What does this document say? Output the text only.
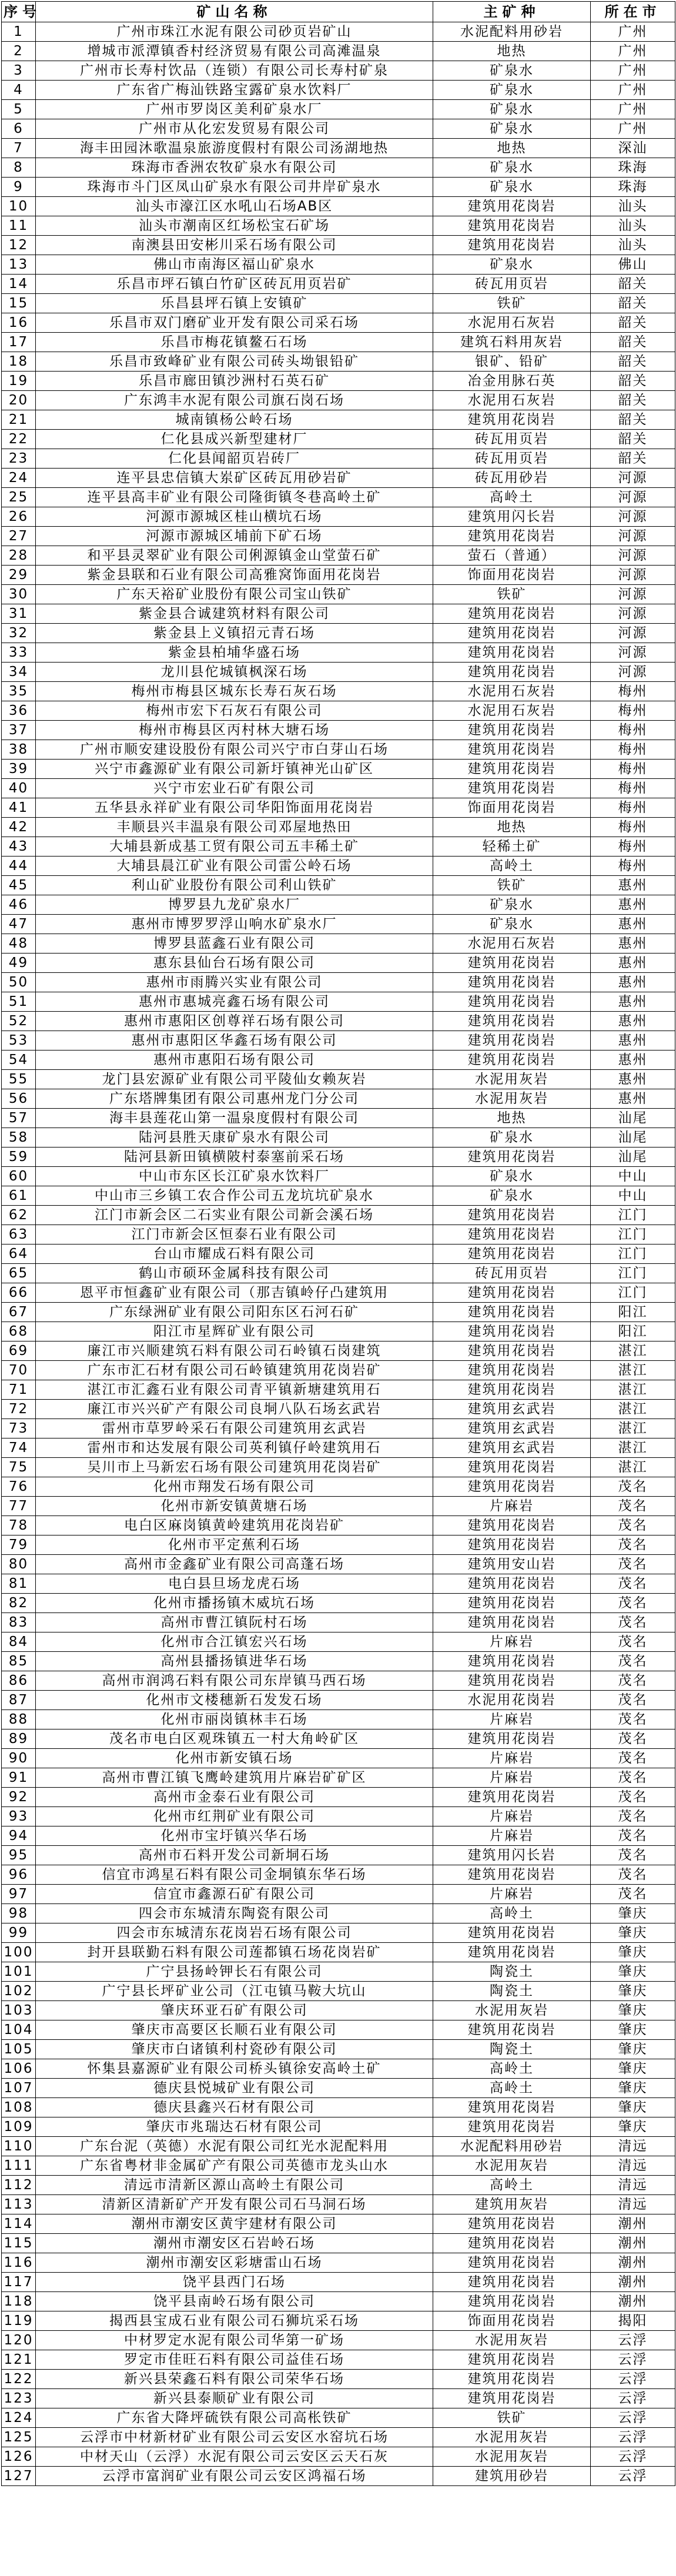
序号	矿山名称	主矿种	所在市
1	广州市珠江水泥有限公司砂页岩矿山	水泥配料用砂岩	广州
2	增城市派潭镇香村经济贸易有限公司高滩温泉	地热	广州
3	广州市长寿村饮品（连锁）有限公司长寿村矿泉	矿泉水	广州
4	广东省广梅汕铁路宝露矿泉水饮料厂	矿泉水	广州
5	广州市罗岗区美利矿泉水厂	矿泉水	广州
6	广州市从化宏发贸易有限公司	矿泉水	广州
7	海丰田园沐歌温泉旅游度假村有限公司汤湖地热	地热	深汕
8	珠海市香洲农牧矿泉水有限公司	矿泉水	珠海
9	珠海市斗门区凤山矿泉水有限公司井岸矿泉水	矿泉水	珠海
10	汕头市濠江区水吼山石场AB区	建筑用花岗岩	汕头
11	汕头市潮南区红场松宝石矿场	建筑用花岗岩	汕头
12	南澳县田安彬川采石场有限公司	建筑用花岗岩	汕头
13	佛山市南海区福山矿泉水	矿泉水	佛山
14	乐昌市坪石镇白竹矿区砖瓦用页岩矿	砖瓦用页岩	韶关
15	乐昌县坪石镇上安镇矿	铁矿	韶关
16	乐昌市双门磨矿业开发有限公司采石场	水泥用石灰岩	韶关
17	乐昌市梅花镇鳌石石场	建筑石料用灰岩	韶关
18	乐昌市致峰矿业有限公司砖头坳银铅矿	银矿、铅矿	韶关
19	乐昌市廊田镇沙洲村石英石矿	冶金用脉石英	韶关
20	广东鸿丰水泥有限公司旗石岗石场	水泥用石灰岩	韶关
21	城南镇杨公岭石场	建筑用花岗岩	韶关
22	仁化县成兴新型建材厂	砖瓦用页岩	韶关
23	仁化县闻韶页岩砖厂	砖瓦用页岩	韶关
24	连平县忠信镇大岽矿区砖瓦用砂岩矿	砖瓦用砂岩	河源
25	连平县高丰矿业有限公司隆街镇冬巷高岭土矿	高岭土	河源
26	河源市源城区桂山横坑石场	建筑用闪长岩	河源
27	河源市源城区埔前下矿石场	建筑用花岗岩	河源
28	和平县灵翠矿业有限公司俐源镇金山堂萤石矿	萤石（普通）	河源
29	紫金县联和石业有限公司高雅窝饰面用花岗岩	饰面用花岗岩	河源
30	广东天裕矿业股份有限公司宝山铁矿	铁矿	河源
31	紫金县合诚建筑材料有限公司	建筑用花岗岩	河源
32	紫金县上义镇招元青石场	建筑用花岗岩	河源
33	紫金县柏埔华盛石场	建筑用花岗岩	河源
34	龙川县佗城镇枫深石场	建筑用花岗岩	河源
35	梅州市梅县区城东长寿石灰石场	水泥用石灰岩	梅州
36	梅州市宏下石灰石有限公司	水泥用石灰岩	梅州
37	梅州市梅县区丙村林大塘石场	建筑用花岗岩	梅州
38	广州市顺安建设股份有限公司兴宁市白芽山石场	建筑用花岗岩	梅州
39	兴宁市鑫源矿业有限公司新圩镇神光山矿区	建筑用花岗岩	梅州
40	兴宁市宏业石矿有限公司	建筑用花岗岩	梅州
41	五华县永祥矿业有限公司华阳饰面用花岗岩	饰面用花岗岩	梅州
42	丰顺县兴丰温泉有限公司邓屋地热田	地热	梅州
43	大埔县新成基工贸有限公司五丰稀土矿	轻稀土矿	梅州
44	大埔县晨江矿业有限公司雷公岭石场	高岭土	梅州
45	利山矿业股份有限公司利山铁矿	铁矿	惠州
46	博罗县九龙矿泉水厂	矿泉水	惠州
47	惠州市博罗罗浮山响水矿泉水厂	矿泉水	惠州
48	博罗县蓝鑫石业有限公司	水泥用石灰岩	惠州
49	惠东县仙台石场有限公司	建筑用花岗岩	惠州
50	惠州市雨腾兴实业有限公司	建筑用花岗岩	惠州
51	惠州市惠城亮鑫石场有限公司	建筑用花岗岩	惠州
52	惠州市惠阳区创尊祥石场有限公司	建筑用花岗岩	惠州
53	惠州市惠阳区华鑫石场有限公司	建筑用花岗岩	惠州
54	惠州市惠阳石场有限公司	建筑用花岗岩	惠州
55	龙门县宏源矿业有限公司平陵仙女赖灰岩	水泥用灰岩	惠州
56	广东塔牌集团有限公司惠州龙门分公司	水泥用灰岩	惠州
57	海丰县莲花山第一温泉度假村有限公司	地热	汕尾
58	陆河县胜天康矿泉水有限公司	矿泉水	汕尾
59	陆河县新田镇横陂村泰塞前采石场	建筑用花岗岩	汕尾
60	中山市东区长江矿泉水饮料厂	矿泉水	中山
61	中山市三乡镇工农合作公司五龙坑坑矿泉水	矿泉水	中山
62	江门市新会区二石实业有限公司新会溪石场	建筑用花岗岩	江门
63	江门市新会区恒泰石业有限公司	建筑用花岗岩	江门
64	台山市耀成石料有限公司	建筑用花岗岩	江门
65	鹤山市硕环金属科技有限公司	砖瓦用页岩	江门
66	恩平市恒鑫矿业有限公司（那吉镇岭仔凸建筑用	建筑用花岗岩	江门
67	广东绿洲矿业有限公司阳东区石河石矿	建筑用花岗岩	阳江
68	阳江市星辉矿业有限公司	建筑用花岗岩	阳江
69	廉江市兴顺建筑石料有限公司石岭镇石岗建筑	建筑用花岗岩	湛江
70	广东市汇石材有限公司石岭镇建筑用花岗岩矿	建筑用花岗岩	湛江
71	湛江市汇鑫石业有限公司青平镇新塘建筑用石	建筑用花岗岩	湛江
72	廉江市兴兴矿产有限公司良垌八队石场玄武岩	建筑用玄武岩	湛江
73	雷州市草罗岭采石有限公司建筑用玄武岩	建筑用玄武岩	湛江
74	雷州市和达发展有限公司英利镇仔岭建筑用石	建筑用玄武岩	湛江
75	吴川市上马新宏石场有限公司建筑用花岗岩矿	建筑用花岗岩	湛江
76	化州市翔发石场有限公司	建筑用花岗岩	茂名
77	化州市新安镇黄塘石场	片麻岩	茂名
78	电白区麻岗镇黄岭建筑用花岗岩矿	建筑用花岗岩	茂名
79	化州市平定蕉利石场	建筑用花岗岩	茂名
80	高州市金鑫矿业有限公司高蓬石场	建筑用安山岩	茂名
81	电白县旦场龙虎石场	建筑用花岗岩	茂名
82	化州市播扬镇木威坑石场	建筑用花岗岩	茂名
83	高州市曹江镇阮村石场	建筑用花岗岩	茂名
84	化州市合江镇宏兴石场	片麻岩	茂名
85	高州县播扬镇进华石场	建筑用花岗岩	茂名
86	高州市润鸿石料有限公司东岸镇马西石场	建筑用花岗岩	茂名
87	化州市文楼穗新石发发石场	水泥用花岗岩	茂名
88	化州市丽岗镇林丰石场	片麻岩	茂名
89	茂名市电白区观珠镇五一村大角岭矿区	建筑用花岗岩	茂名
90	化州市新安镇石场	片麻岩	茂名
91	高州市曹江镇飞鹰岭建筑用片麻岩矿矿区	片麻岩	茂名
92	高州市金泰石业有限公司	建筑用花岗岩	茂名
93	化州市红荆矿业有限公司	片麻岩	茂名
94	化州市宝圩镇兴华石场	片麻岩	茂名
95	高州市石料开发公司新垌石场	建筑用闪长岩	茂名
96	信宜市鸿星石料有限公司金垌镇东华石场	建筑用花岗岩	茂名
97	信宜市鑫源石矿有限公司	片麻岩	茂名
98	四会市东城清东陶瓷有限公司	高岭土	肇庆
99	四会市东城清东花岗岩石场有限公司	建筑用花岗岩	肇庆
100	封开县联勤石料有限公司莲都镇石场花岗岩矿	建筑用花岗岩	肇庆
101	广宁县扬岭钾长石有限公司	陶瓷土	肇庆
102	广宁县长坪矿业公司（江屯镇马鞍大坑山	陶瓷土	肇庆
103	肇庆环亚石矿有限公司	水泥用灰岩	肇庆
104	肇庆市高要区长顺石业有限公司	建筑用花岗岩	肇庆
105	肇庆市白诸镇利村瓷砂有限公司	陶瓷土	肇庆
106	怀集县嘉源矿业有限公司桥头镇徐安高岭土矿	高岭土	肇庆
107	德庆县悦城矿业有限公司	高岭土	肇庆
108	德庆县鑫兴石材有限公司	建筑用花岗岩	肇庆
109	肇庆市兆瑞达石材有限公司	建筑用花岗岩	肇庆
110	广东台泥（英德）水泥有限公司红光水泥配料用	水泥配料用砂岩	清远
111	广东省粤材非金属矿产有限公司英德市龙头山水	水泥用灰岩	清远
112	清远市清新区源山高岭土有限公司	高岭土	清远
113	清新区清新矿产开发有限公司石马洞石场	建筑用灰岩	清远
114	潮州市潮安区黄宇建材有限公司	建筑用花岗岩	潮州
115	潮州市潮安区石岩岭石场	建筑用花岗岩	潮州
116	潮州市潮安区彩塘雷山石场	建筑用花岗岩	潮州
117	饶平县西门石场	建筑用花岗岩	潮州
118	饶平县南岭石场有限公司	建筑用花岗岩	潮州
119	揭西县宝成石业有限公司石狮坑采石场	饰面用花岗岩	揭阳
120	中材罗定水泥有限公司华第一矿场	水泥用灰岩	云浮
121	罗定市佳旺石料有限公司益佳石场	建筑用花岗岩	云浮
122	新兴县荣鑫石料有限公司荣华石场	建筑用花岗岩	云浮
123	新兴县泰顺矿业有限公司	建筑用花岗岩	云浮
124	广东省大降坪硫铁有限公司高枨铁矿	铁矿	云浮
125	云浮市中材新材矿业有限公司云安区水窑坑石场	水泥用灰岩	云浮
126	中材天山（云浮）水泥有限公司云安区云天石灰	水泥用灰岩	云浮
127	云浮市富润矿业有限公司云安区鸿福石场	建筑用砂岩	云浮
